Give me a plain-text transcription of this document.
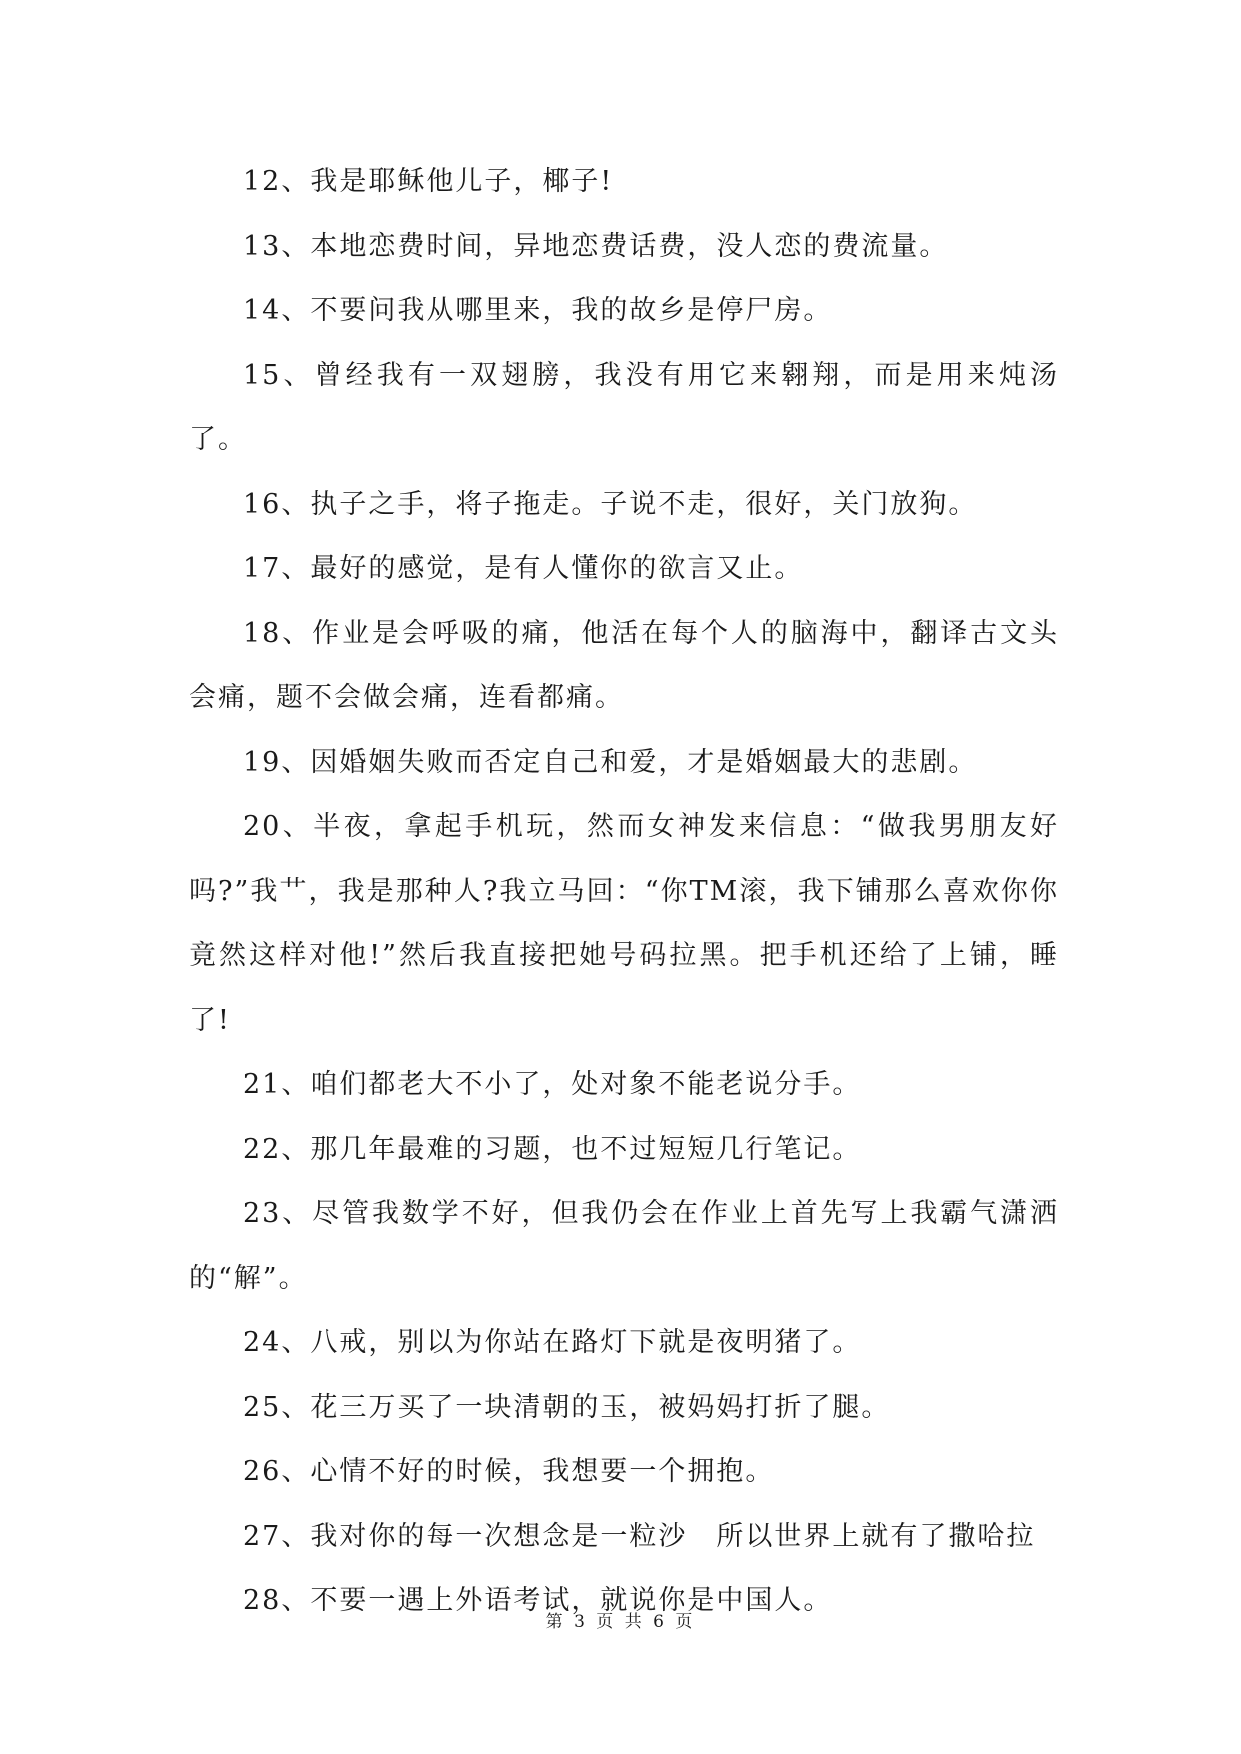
12、我是耶稣他儿子，椰子!

13、本地恋费时间，异地恋费话费，没人恋的费流量。

14、不要问我从哪里来，我的故乡是停尸房。

15、曾经我有一双翅膀，我没有用它来翱翔，而是用来炖汤了。

16、执子之手，将子拖走。子说不走，很好，关门放狗。

17、最好的感觉，是有人懂你的欲言又止。

18、作业是会呼吸的痛，他活在每个人的脑海中，翻译古文头会痛，题不会做会痛，连看都痛。

19、因婚姻失败而否定自己和爱，才是婚姻最大的悲剧。

20、半夜，拿起手机玩，然而女神发来信息：“做我男朋友好吗?”我艹，我是那种人?我立马回：“你TM滚，我下铺那么喜欢你你竟然这样对他!”然后我直接把她号码拉黑。把手机还给了上铺，睡了!

21、咱们都老大不小了，处对象不能老说分手。

22、那几年最难的习题，也不过短短几行笔记。

23、尽管我数学不好，但我仍会在作业上首先写上我霸气潇洒的“解”。

24、八戒，别以为你站在路灯下就是夜明猪了。

25、花三万买了一块清朝的玉，被妈妈打折了腿。

26、心情不好的时候，我想要一个拥抱。

27、我对你的每一次想念是一粒沙　所以世界上就有了撒哈拉

28、不要一遇上外语考试，就说你是中国人。

第 3 页 共 6 页
